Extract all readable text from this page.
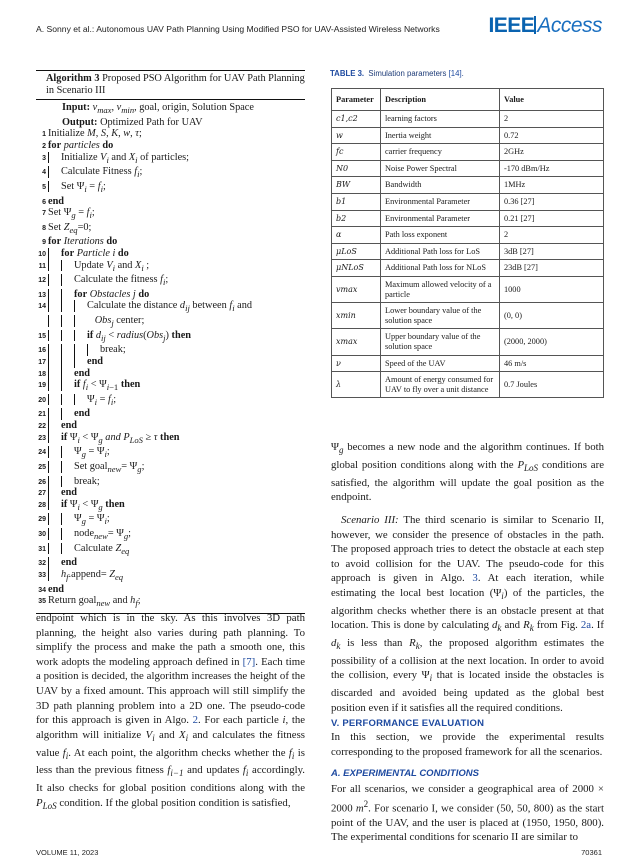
A. Sonny et al.: Autonomous UAV Path Planning Using Modified PSO for UAV-Assisted Wireless Networks IEEE Access
Algorithm 3 Proposed PSO Algorithm for UAV Path Planning in Scenario III
Input: $v_{max}$, $v_{min}$, goal, origin, Solution Space
Output: Optimized Path for UAV
1 Initialize M, S, K, w, τ;
2 for particles do
3 Initialize $V_i$ and $X_i$ of particles;
4 Calculate Fitness $f_i$;
5 Set $\Psi_i = f_i$;
6 end
7 Set $\Psi_g = f_i$;
8 Set $Z_{eq}=0$;
9 for Iterations do
10 for Particle i do
11	Update $V_i$ and $X_i$ ;
12	Calculate the fitness $f_i$;
13	for Obstacles j do
14	Calculate the distance $d_{ij}$ between $f_i$ and
Obs$_j$ center;
15	if $d_{ij}$ < radius(Obs$_j$) then
16	break;
17	end
18	end
19	if $f_i < \Psi_{i-1}$ then
20	$\Psi_i = f_i$;
21	end
22 end
23 if $\Psi_i < \Psi_g$ and $P_{LoS} \ge \tau$ then
24	$\Psi_g = \Psi_i$;
25	Set goal$_{new}$= $\Psi_g$;
26	break;
27 end
28 if $\Psi_i < \Psi_g$ then
29	$\Psi_g = \Psi_i$;
30	node$_{new}$= $\Psi_g$;
31	Calculate $Z_{eq}$
32 end
33 $h_f.append= Z_{eq}$
34 end
35 Return goal$_{new}$ and $h_f$;
TABLE 3. Simulation parameters [14].
Parameter	Description	Value
c1,c2	learning factors	2
w	Inertia weight	0.72
fc	carrier frequency	2GHz
N0	Noise Power Spectral	-170 dBm/Hz
BW	Bandwidth	1MHz
b1	Environmental Parameter	0.36 [27]
b2	Environmental Parameter	0.21 [27]
α	Path loss exponent	2
μLoS	Additional Path loss for LoS	3dB [27]
μNLoS	Additional Path loss for NLoS	23dB [27]
vmax	Maximum allowed velocity of a particle	1000
xmin	Lower boundary value of the solution space	(0, 0)
xmax	Upper boundary value of the solution space	(2000, 2000)
ν	Speed of the UAV	46 m/s
λ	Amount of energy consumed for UAV to fly over a unit distance	0.7 Joules
$\Psi_g$ becomes a new node and the algorithm continues. If both global position conditions along with the $P_{LoS}$ conditions are satisfied, the algorithm will update the goal position as the endpoint.
Scenario III: The third scenario is similar to Scenario II, however, we consider the presence of obstacles in the path. The proposed approach tries to detect the obstacle at each step to avoid collision for the UAV. The pseudo-code for this approach is given in Algo. 3. At each iteration, while estimating the local best location $(\Psi_i)$ of the particles, the algorithm checks whether there is an obstacle present at that location. This is done by calculating $d_k$ and $R_k$ from Fig. 2a. If $d_k$ is less than $R_k$, the proposed algorithm estimates the possibility of a collision at the next location. In order to avoid the collision, every $\Psi_i$ that is located inside the obstacles is discarded and avoided being updated as the global best position even if it satisfies all the required conditions.
V. PERFORMANCE EVALUATION
In this section, we provide the experimental results corresponding to the proposed framework for all the scenarios.
A. EXPERIMENTAL CONDITIONS
For all scenarios, we consider a geographical area of 2000 × 2000 $m^2$. For scenario I, we consider (50, 50, 800) as the start point of the UAV, and the user is placed at (1950, 1950, 800). The experimental conditions for scenario II are similar to
endpoint which is in the sky. As this involves 3D path planning, the height also varies during path planning. To simplify the process and make the path a smooth one, this work adopts the modeling approach defined in [7]. Each time a position is decided, the algorithm increases the height of the UAV by a fixed amount. This approach will still simplify the 3D path planning problem into a 2D one. The pseudo-code for this approach is given in Algo. 2. For each particle i, the algorithm will initialize $V_i$ and $X_i$ and calculates the fitness value $f_i$. At each point, the algorithm checks whether the $f_i$ is less than the previous fitness $f_{i-1}$ and updates $f_i$ accordingly. It also checks for global position conditions along with the $P_{LoS}$ condition. If the global position condition is satisfied,
VOLUME 11, 2023	70361
